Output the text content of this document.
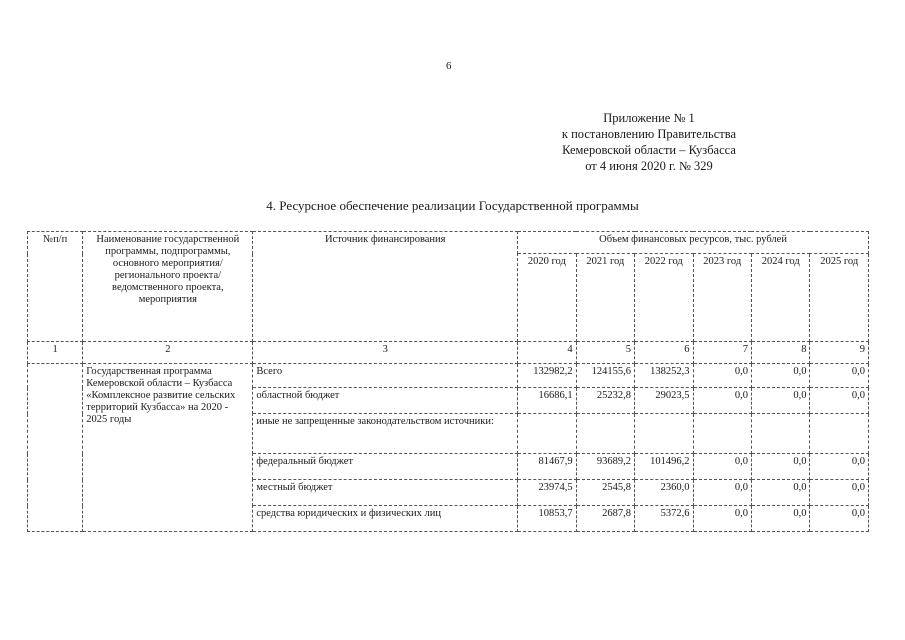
6
Приложение № 1
к постановлению Правительства
Кемеровской области – Кузбасса
от 4 июня 2020 г. № 329
4. Ресурсное обеспечение реализации Государственной программы
№п/п	Наименование государственной программы, подпрограммы, основного мероприятия/ регионального проекта/ведомственного проекта, мероприятия	Источник финансирования	Объем финансовых ресурсов, тыс. рублей					
			2020 год	2021 год	2022 год	2023 год	2024 год	2025 год
1	2	3	4	5	6	7	8	9
	Государственная программа Кемеровской области – Кузбасса «Комплексное развитие сельских территорий Кузбасса» на 2020 - 2025 годы	Всего	132982,2	124155,6	138252,3	0,0	0,0	0,0
		областной бюджет	16686,1	25232,8	29023,5	0,0	0,0	0,0
		иные не запрещенные законодательством источники:						
		федеральный бюджет	81467,9	93689,2	101496,2	0,0	0,0	0,0
		местный бюджет	23974,5	2545,8	2360,0	0,0	0,0	0,0
		средства юридических и физических лиц	10853,7	2687,8	5372,6	0,0	0,0	0,0
